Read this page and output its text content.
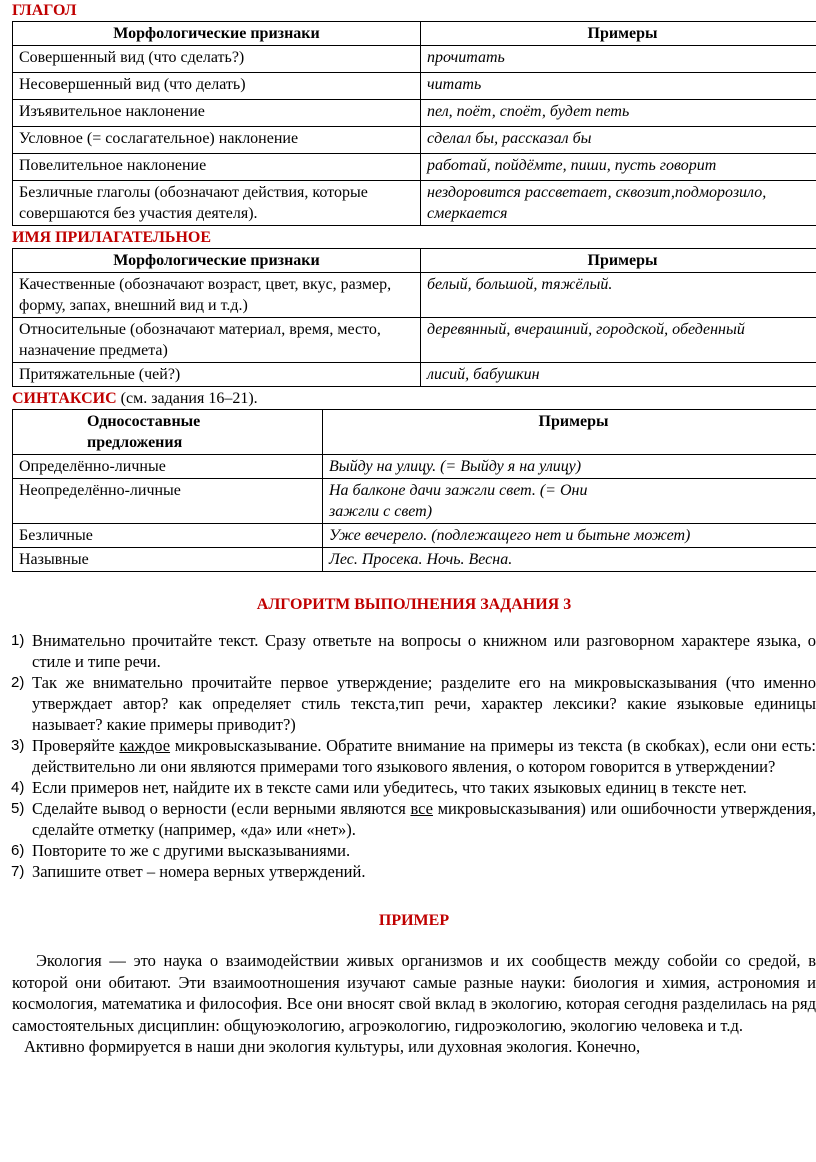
ГЛАГОЛ
Морфологические признаки	Примеры
Совершенный вид (что сделать?)	прочитать
Несовершенный вид (что делать)	читать
Изъявительное наклонение	пел, поёт, споёт, будет петь
Условное (= сослагательное) наклонение	сделал бы, рассказал бы
Повелительное наклонение	работай, пойдёмте, пиши, пусть говорит
Безличные глаголы (обозначают действия, которые совершаются без участия деятеля).	нездоровится рассветает, сквозит,подморозило, смеркается
ИМЯ ПРИЛАГАТЕЛЬНОЕ
Морфологические признаки	Примеры
Качественные (обозначают возраст, цвет, вкус, размер, форму, запах, внешний вид и т.д.)	белый, большой, тяжёлый.
Относительные (обозначают материал, время, место, назначение предмета)	деревянный, вчерашний, городской, обеденный
Притяжательные (чей?)	лисий, бабушкин
СИНТАКСИС (см. задания 16–21).
Односоставные предложения	Примеры
Определённо-личные	Выйду на улицу. (= Выйду я на улицу)
Неопределённо-личные	На балконе дачи зажгли свет. (= Они зажгли с свет)
Безличные	Уже вечерело. (подлежащего нет и бытьне может)
Назывные	Лес. Просека. Ночь. Весна.
АЛГОРИТМ ВЫПОЛНЕНИЯ ЗАДАНИЯ 3
1) Внимательно прочитайте текст. Сразу ответьте на вопросы о книжном или разговорном характере языка, о стиле и типе речи.
2) Так же внимательно прочитайте первое утверждение; разделите его на микровысказывания (что именно утверждает автор? как определяет стиль текста,тип речи, характер лексики? какие языковые единицы называет? какие примеры приводит?)
3) Проверяйте каждое микровысказывание. Обратите внимание на примеры из текста (в скобках), если они есть: действительно ли они являются примерами того языкового явления, о котором говорится в утверждении?
4) Если примеров нет, найдите их в тексте сами или убедитесь, что таких языковых единиц в тексте нет.
5) Сделайте вывод о верности (если верными являются все микровысказывания) или ошибочности утверждения, сделайте отметку (например, «да» или «нет»).
6) Повторите то же с другими высказываниями.
7) Запишите ответ – номера верных утверждений.
ПРИМЕР

Экология — это наука о взаимодействии живых организмов и их сообществ между собойи со средой, в которой они обитают. Эти взаимоотношения изучают самые разные науки: биология и химия, астрономия и космология, математика и философия. Все они вносят свой вклад в экологию, которая сегодня разделилась на ряд самостоятельных дисциплин: общуюэкологию, агроэкологию, гидроэкологию, экологию человека и т.д.

Активно формируется в наши дни экология культуры, или духовная экология. Конечно,
